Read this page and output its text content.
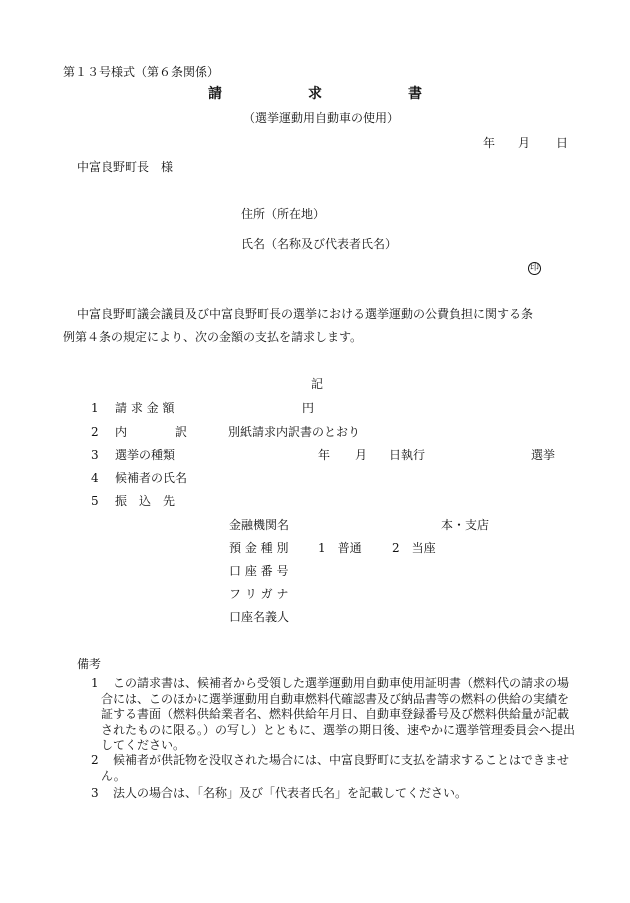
第１３号様式（第６条関係）
請	求	書
（選挙運動用自動車の使用）
年 月 日
中富良野町長　様
住所（所在地）
氏名（名称及び代表者氏名）
印
中富良野町議会議員及び中富良野町長の選挙における選挙運動の公費負担に関する条
例第４条の規定により、次の金額の支払を請求します。
記
1 請 求 金 額	円
2 内　　　　訳	別紙請求内訳書のとおり
3 選挙の種類	年 月 日執行	選挙
4 候補者の氏名
5 振　込　先
金融機関名	本・支店
預 金 種 別 1　普通	2　当座
口 座 番 号
フ リ ガ ナ
口座名義人
備考
1	この請求書は、候補者から受領した選挙運動用自動車使用証明書（燃料代の請求の場合には、このほかに選挙運動用自動車燃料代確認書及び納品書等の燃料の供給の実績を証する書面（燃料供給業者名、燃料供給年月日、自動車登録番号及び燃料供給量が記載されたものに限る。）の写し）とともに、選挙の期日後、速やかに選挙管理委員会へ提出してください。
2	候補者が供託物を没収された場合には、中富良野町に支払を請求することはできません。
3	法人の場合は、「名称」及び「代表者氏名」を記載してください。
